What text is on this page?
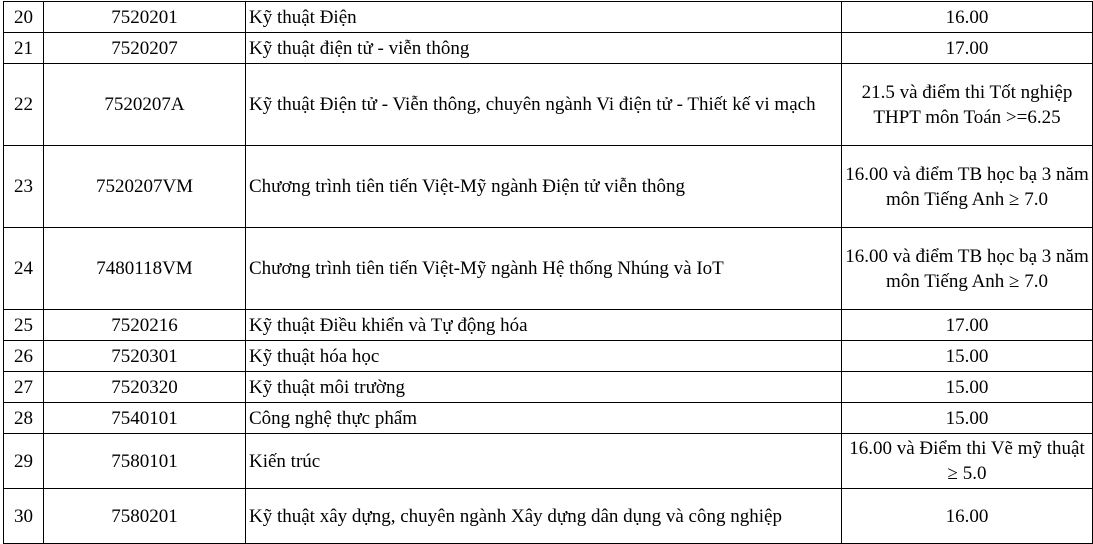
20	7520201	Kỹ thuật Điện	16.00
21	7520207	Kỹ thuật điện tử - viễn thông	17.00
22	7520207A	Kỹ thuật Điện tử - Viễn thông, chuyên ngành Vi điện tử - Thiết kế vi mạch	21.5 và điểm thi Tốt nghiệp THPT môn Toán >=6.25
23	7520207VM	Chương trình tiên tiến Việt-Mỹ ngành Điện tử viễn thông	16.00 và điểm TB học bạ 3 năm môn Tiếng Anh ≥ 7.0
24	7480118VM	Chương trình tiên tiến Việt-Mỹ ngành Hệ thống Nhúng và IoT	16.00 và điểm TB học bạ 3 năm môn Tiếng Anh ≥ 7.0
25	7520216	Kỹ thuật Điều khiển và Tự động hóa	17.00
26	7520301	Kỹ thuật hóa học	15.00
27	7520320	Kỹ thuật môi trường	15.00
28	7540101	Công nghệ thực phẩm	15.00
29	7580101	Kiến trúc	16.00 và Điểm thi Vẽ mỹ thuật ≥ 5.0
30	7580201	Kỹ thuật xây dựng, chuyên ngành Xây dựng dân dụng và công nghiệp	16.00
